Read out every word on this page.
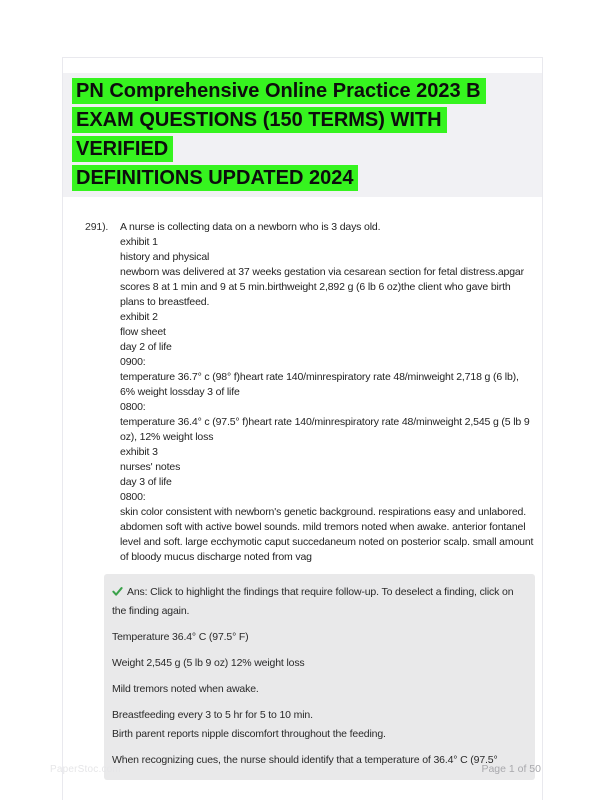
PN Comprehensive Online Practice 2023 B
EXAM QUESTIONS (150 TERMS) WITH VERIFIED
DEFINITIONS UPDATED 2024
291).	A nurse is collecting data on a newborn who is 3 days old.
exhibit 1
history and physical
newborn was delivered at 37 weeks gestation via cesarean section for fetal distress.apgar scores 8 at 1 min and 9 at 5 min.birthweight 2,892 g (6 lb 6 oz)the client who gave birth plans to breastfeed.
exhibit 2
flow sheet
day 2 of life
0900:
temperature 36.7° c (98° f)heart rate 140/minrespiratory rate 48/minweight 2,718 g (6 lb), 6% weight lossday 3 of life
0800:
temperature 36.4° c (97.5° f)heart rate 140/minrespiratory rate 48/minweight 2,545 g (5 lb 9 oz), 12% weight loss
exhibit 3
nurses' notes
day 3 of life
0800:
skin color consistent with newborn's genetic background. respirations easy and unlabored. abdomen soft with active bowel sounds. mild tremors noted when awake. anterior fontanel level and soft. large ecchymotic caput succedaneum noted on posterior scalp. small amount of bloody mucus discharge noted from vag
Ans: Click to highlight the findings that require follow-up. To deselect a finding, click on the finding again.
Temperature 36.4° C (97.5° F)
Weight 2,545 g (5 lb 9 oz) 12% weight loss
Mild tremors noted when awake.
Breastfeeding every 3 to 5 hr for 5 to 10 min.
Birth parent reports nipple discomfort throughout the feeding.
When recognizing cues, the nurse should identify that a temperature of 36.4° C (97.5°
PaperStoc.com	Page 1 of 50
